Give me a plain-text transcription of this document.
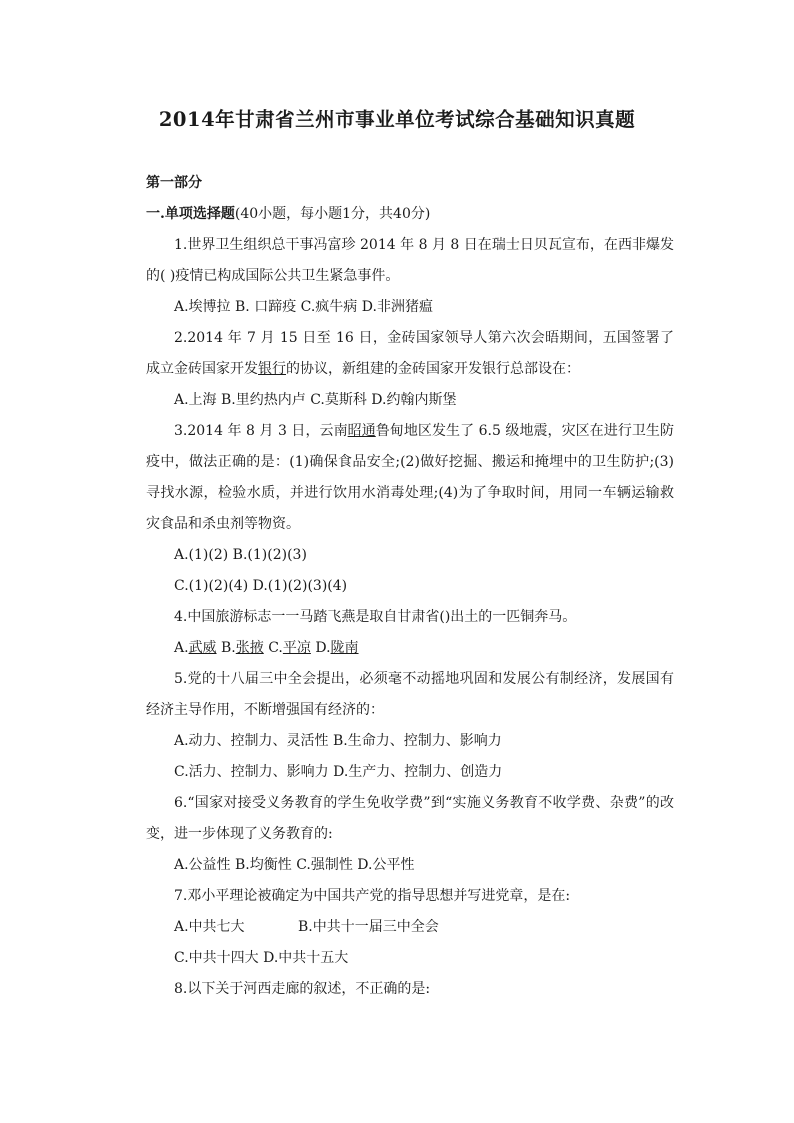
2014年甘肃省兰州市事业单位考试综合基础知识真题
第一部分
一.单项选择题(40小题，每小题1分，共40分)

1.世界卫生组织总干事冯富珍 2014 年 8 月 8 日在瑞士日贝瓦宣布，在西非爆发的( )疫情已构成国际公共卫生紧急事件。

A.埃博拉 B. 口蹄疫 C.疯牛病 D.非洲猪瘟

2.2014 年 7 月 15 日至 16 日，金砖国家领导人第六次会晤期间，五国签署了成立金砖国家开发银行的协议，新组建的金砖国家开发银行总部设在：

A.上海 B.里约热内卢 C.莫斯科 D.约翰内斯堡

3.2014 年 8 月 3 日，云南昭通鲁甸地区发生了 6.5 级地震，灾区在进行卫生防疫中，做法正确的是：(1)确保食品安全;(2)做好挖掘、搬运和掩埋中的卫生防护;(3)寻找水源，检验水质，并进行饮用水消毒处理;(4)为了争取时间，用同一车辆运输救灾食品和杀虫剂等物资。

A.(1)(2) B.(1)(2)(3)

C.(1)(2)(4) D.(1)(2)(3)(4)

4.中国旅游标志一一马踏飞燕是取自甘肃省()出土的一匹铜奔马。

A.武威 B.张掖 C.平凉 D.陇南

5.党的十八届三中全会提出，必须毫不动摇地巩固和发展公有制经济，发展国有经济主导作用，不断增强国有经济的：

A.动力、控制力、灵活性 B.生命力、控制力、影响力

C.活力、控制力、影响力 D.生产力、控制力、创造力

6.“国家对接受义务教育的学生免收学费”到“实施义务教育不收学费、杂费”的改变，进一步体现了义务教育的:

A.公益性 B.均衡性 C.强制性 D.公平性

7.邓小平理论被确定为中国共产党的指导思想并写进党章，是在:

A.中共七大            B.中共十一届三中全会

C.中共十四大 D.中共十五大

8.以下关于河西走廊的叙述，不正确的是:
